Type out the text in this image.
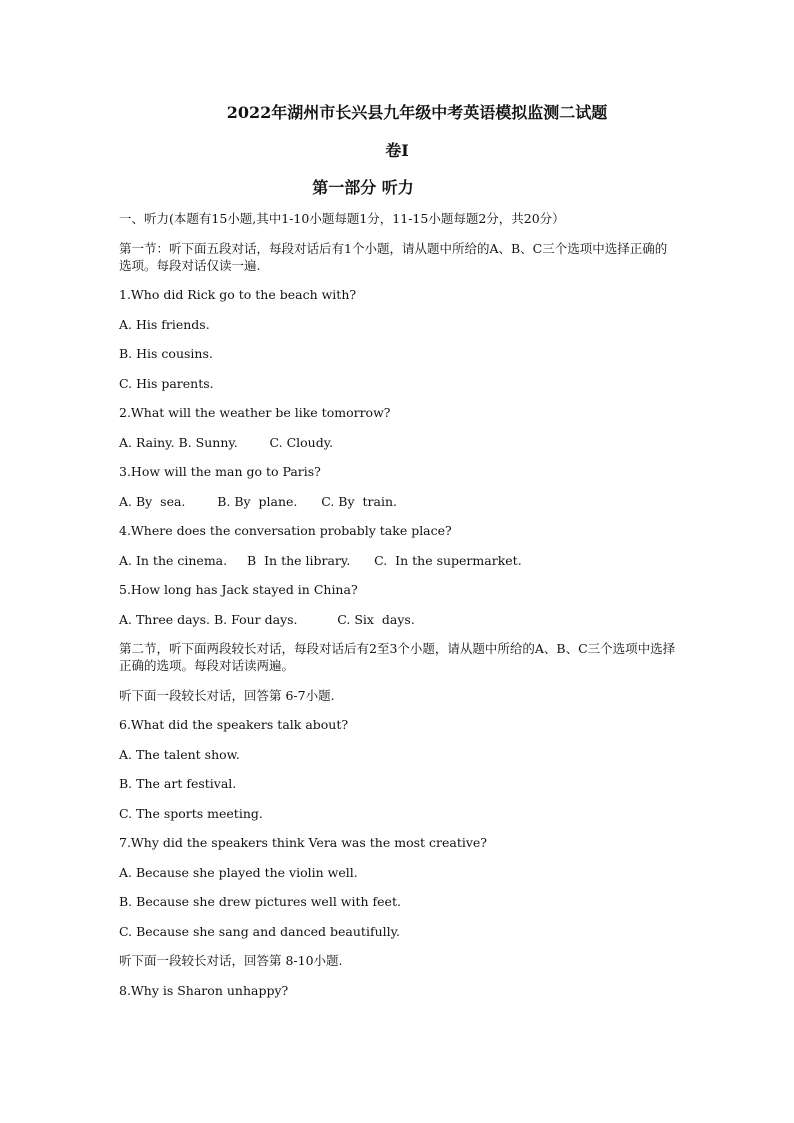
2022年湖州市长兴县九年级中考英语模拟监测二试题
卷I
第一部分 听力

一、听力(本题有15小题,其中1-10小题每题1分，11-15小题每题2分，共20分）

第一节：听下面五段对话，每段对话后有1个小题，请从题中所给的A、B、C三个选项中选择正确的选项。每段对话仅读一遍.

1.Who did Rick go to the beach with?

A. His friends.

B. His cousins.

C. His parents.

2.What will the weather be like tomorrow?

A. Rainy. B. Sunny.        C. Cloudy.

3.How will the man go to Paris?

A. By  sea.        B. By  plane.      C. By  train.

4.Where does the conversation probably take place?

A. In the cinema.     B  In the library.      C.  In the supermarket.

5.How long has Jack stayed in China?

A. Three days. B. Four days.          C. Six  days.

第二节，听下面两段较长对话，每段对话后有2至3个小题，请从题中所给的A、B、C三个选项中选择正确的选项。每段对话读两遍。

听下面一段较长对话，回答第 6-7小题.

6.What did the speakers talk about?

A. The talent show.

B. The art festival.

C. The sports meeting.

7.Why did the speakers think Vera was the most creative?

A. Because she played the violin well.

B. Because she drew pictures well with feet.

C. Because she sang and danced beautifully.

听下面一段较长对话，回答第 8-10小题.

8.Why is Sharon unhappy?
